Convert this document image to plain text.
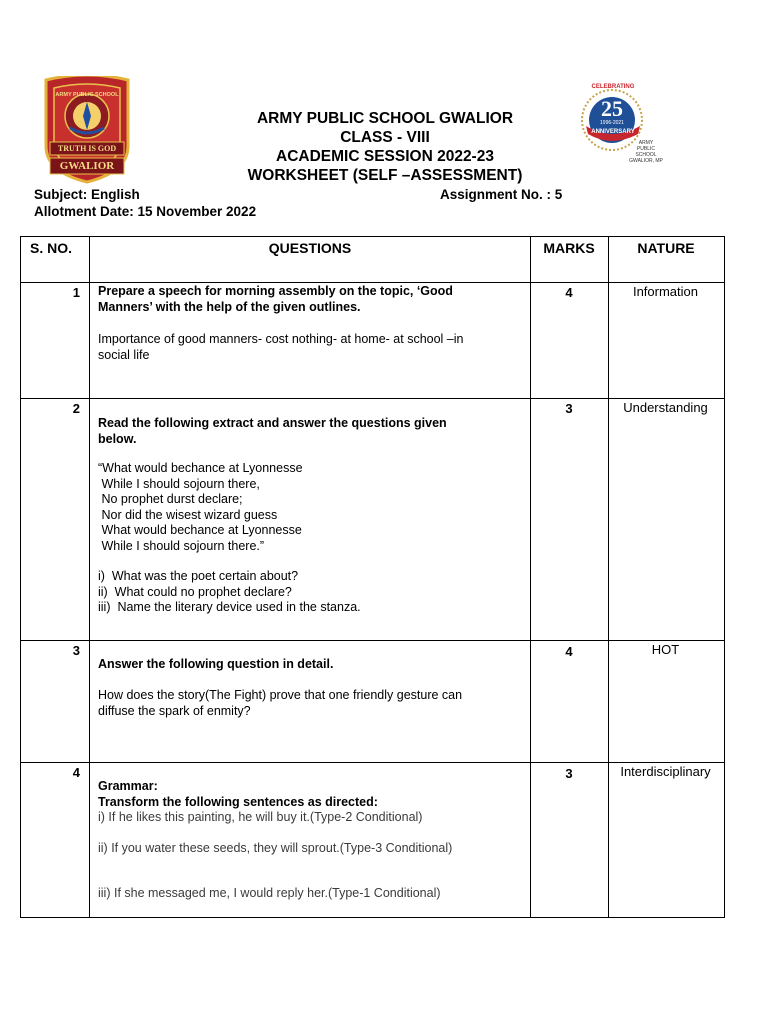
TRUTH IS GOD
GWALIOR
ARMY PUBLIC SCHOOL
CELEBRATING
25
1996-2021
ANNIVERSARY
ARMY
PUBLIC SCHOOL
GWALIOR, MP
ARMY PUBLIC SCHOOL GWALIOR
CLASS - VIII
ACADEMIC SESSION 2022-23
WORKSHEET (SELF –ASSESSMENT)
Subject: English	Assignment No. : 5
Allotment Date: 15 November 2022
S. NO.	QUESTIONS	MARKS	NATURE
1 Prepare a speech for morning assembly on the topic, ‘Good
Manners’ with the help of the given outlines.
Importance of good manners- cost nothing- at home- at school –in
social life
4	Information
2
Read the following extract and answer the questions given
below.
“What would bechance at Lyonnesse
While I should sojourn there,
No prophet durst declare;
Nor did the wisest wizard guess
What would bechance at Lyonnesse
While I should sojourn there.”
i)  What was the poet certain about?
ii)  What could no prophet declare?
iii)  Name the literary device used in the stanza.
3	Understanding
3
Answer the following question in detail.
How does the story(The Fight) prove that one friendly gesture can
diffuse the spark of enmity?
4	HOT
4
Grammar:
Transform the following sentences as directed:
i) If he likes this painting, he will buy it.(Type-2 Conditional)
ii) If you water these seeds, they will sprout.(Type-3 Conditional)
iii) If she messaged me, I would reply her.(Type-1 Conditional)
3	Interdisciplinary
